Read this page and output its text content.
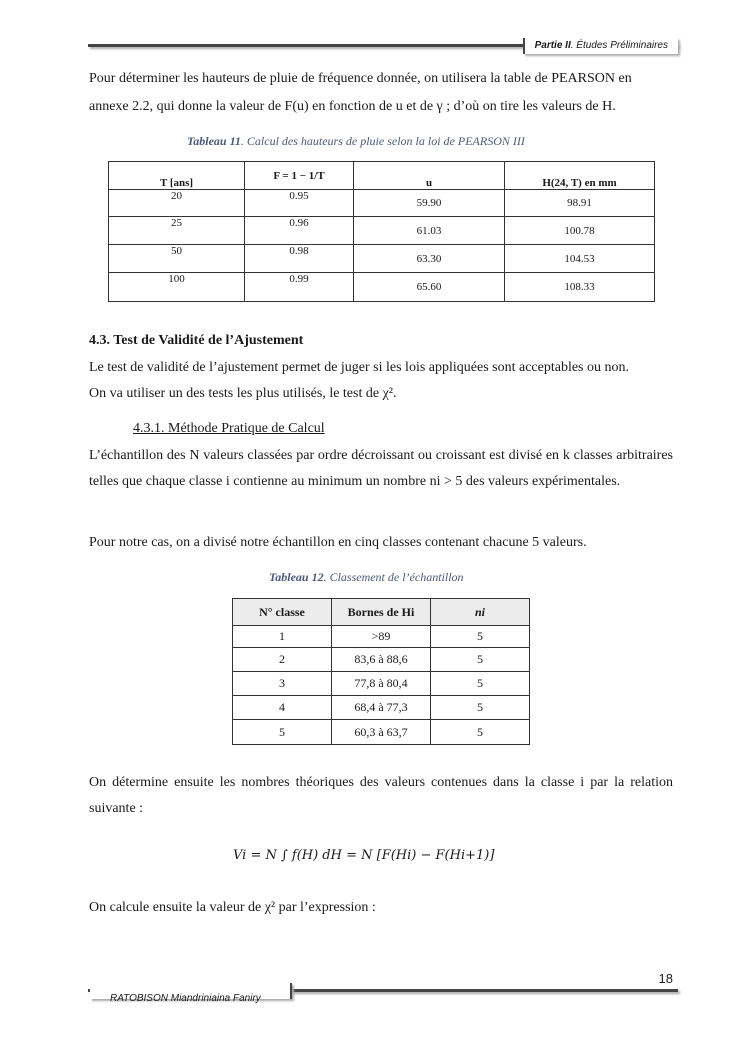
Partie II. Études Préliminaires

Pour déterminer les hauteurs de pluie de fréquence donnée, on utilisera la table de PEARSON en

annexe 2.2, qui donne la valeur de F(u) en fonction de u et de γ ; d’où on tire les valeurs de H.

Tableau 11. Calcul des hauteurs de pluie selon la loi de PEARSON III
T [ans]	F = 1 − 1/T	u	H(24, T) en mm
20	0.95	59.90	98.91
25	0.96	61.03	100.78
50	0.98	63.30	104.53
100	0.99	65.60	108.33
4.3. Test de Validité de l’Ajustement

Le test de validité de l’ajustement permet de juger si les lois appliquées sont acceptables ou non.

On va utiliser un des tests les plus utilisés, le test de χ².

4.3.1. Méthode Pratique de Calcul

L’échantillon des N valeurs classées par ordre décroissant ou croissant est divisé en k classes arbitraires telles que chaque classe i contienne au minimum un nombre ni > 5 des valeurs expérimentales.

Pour notre cas, on a divisé notre échantillon en cinq classes contenant chacune 5 valeurs.

Tableau 12. Classement de l’échantillon
N° classe	Bornes de Hi	ni
1	>89	5
2	83,6 à 88,6	5
3	77,8 à 80,4	5
4	68,4 à 77,3	5
5	60,3 à 63,7	5

On détermine ensuite les nombres théoriques des valeurs contenues dans la classe i par la relation suivante :

Vi = N ∫ f(H) dH = N [F(Hi) − F(Hi+1)]

On calcule ensuite la valeur de χ² par l’expression :

18
RATOBISON Miandriniaina Faniry
